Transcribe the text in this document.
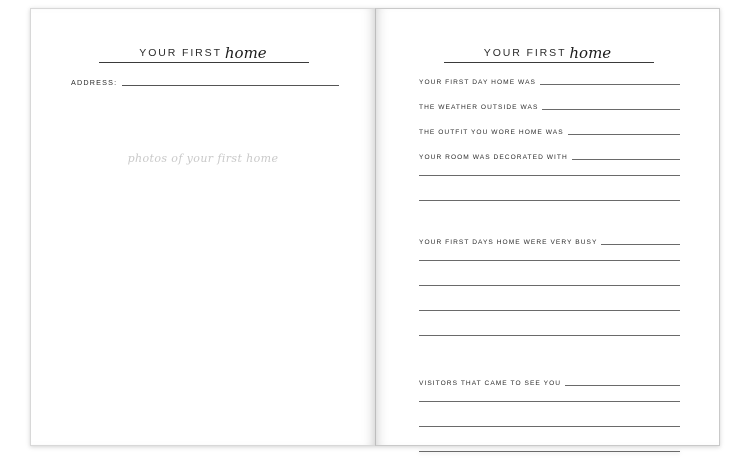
YOUR FIRST home
ADDRESS:
photos of your first home
YOUR FIRST home
YOUR FIRST DAY HOME WAS
THE WEATHER OUTSIDE WAS
THE OUTFIT YOU WORE HOME WAS
YOUR ROOM WAS DECORATED WITH
YOUR FIRST DAYS HOME WERE VERY BUSY
VISITORS THAT CAME TO SEE YOU
